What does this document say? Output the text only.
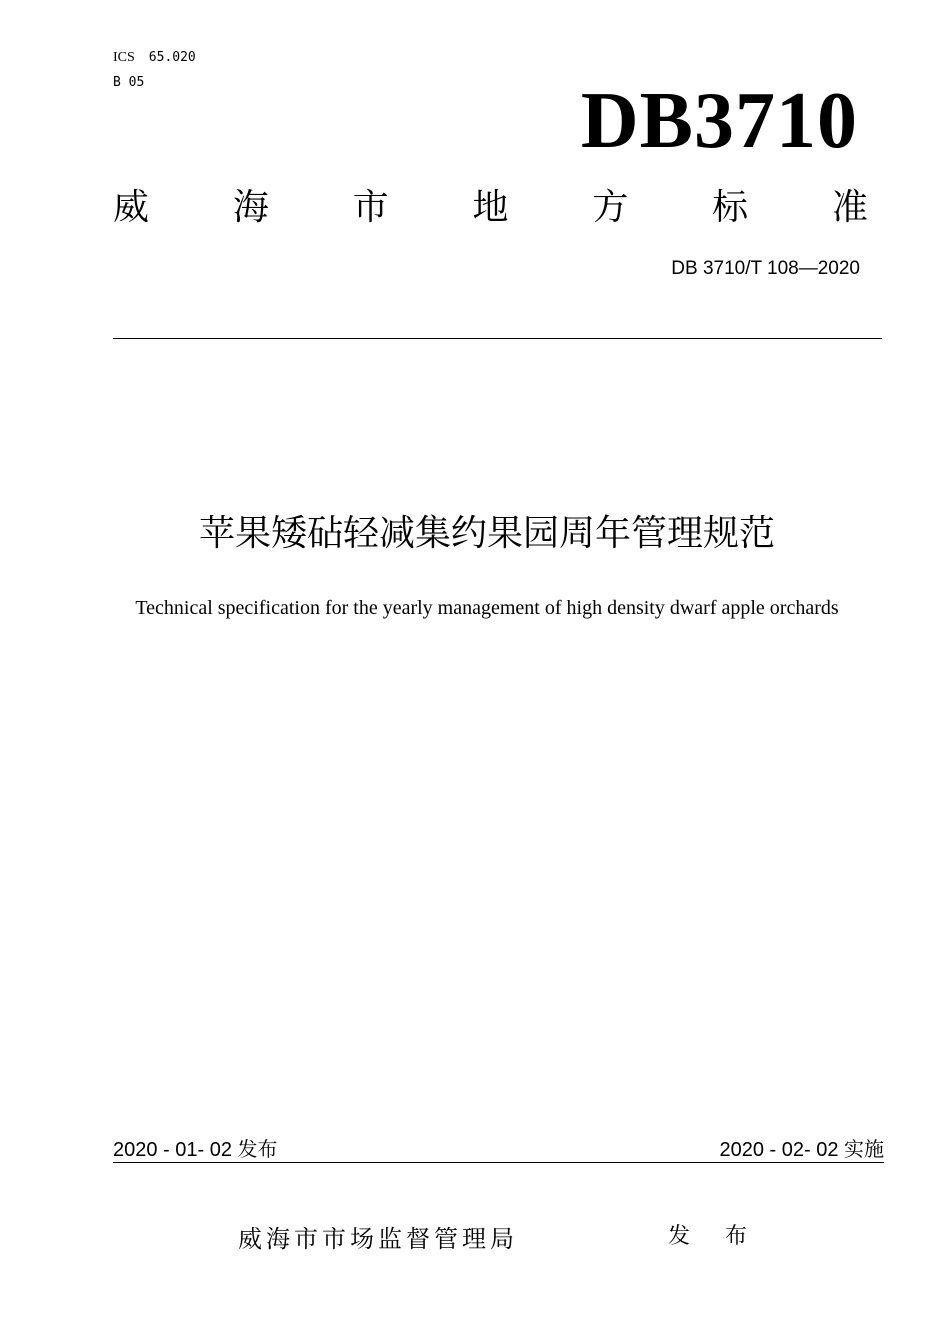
ICS 65.020
B 05	DB3710
威 海 市 地 方 标 准
DB 3710/T 108—2020
苹果矮砧轻减集约果园周年管理规范
Technical specification for the yearly management of high density dwarf apple orchards
2020 - 01- 02 发布	2020 - 02- 02 实施
威海市市场监督管理局	发 布
